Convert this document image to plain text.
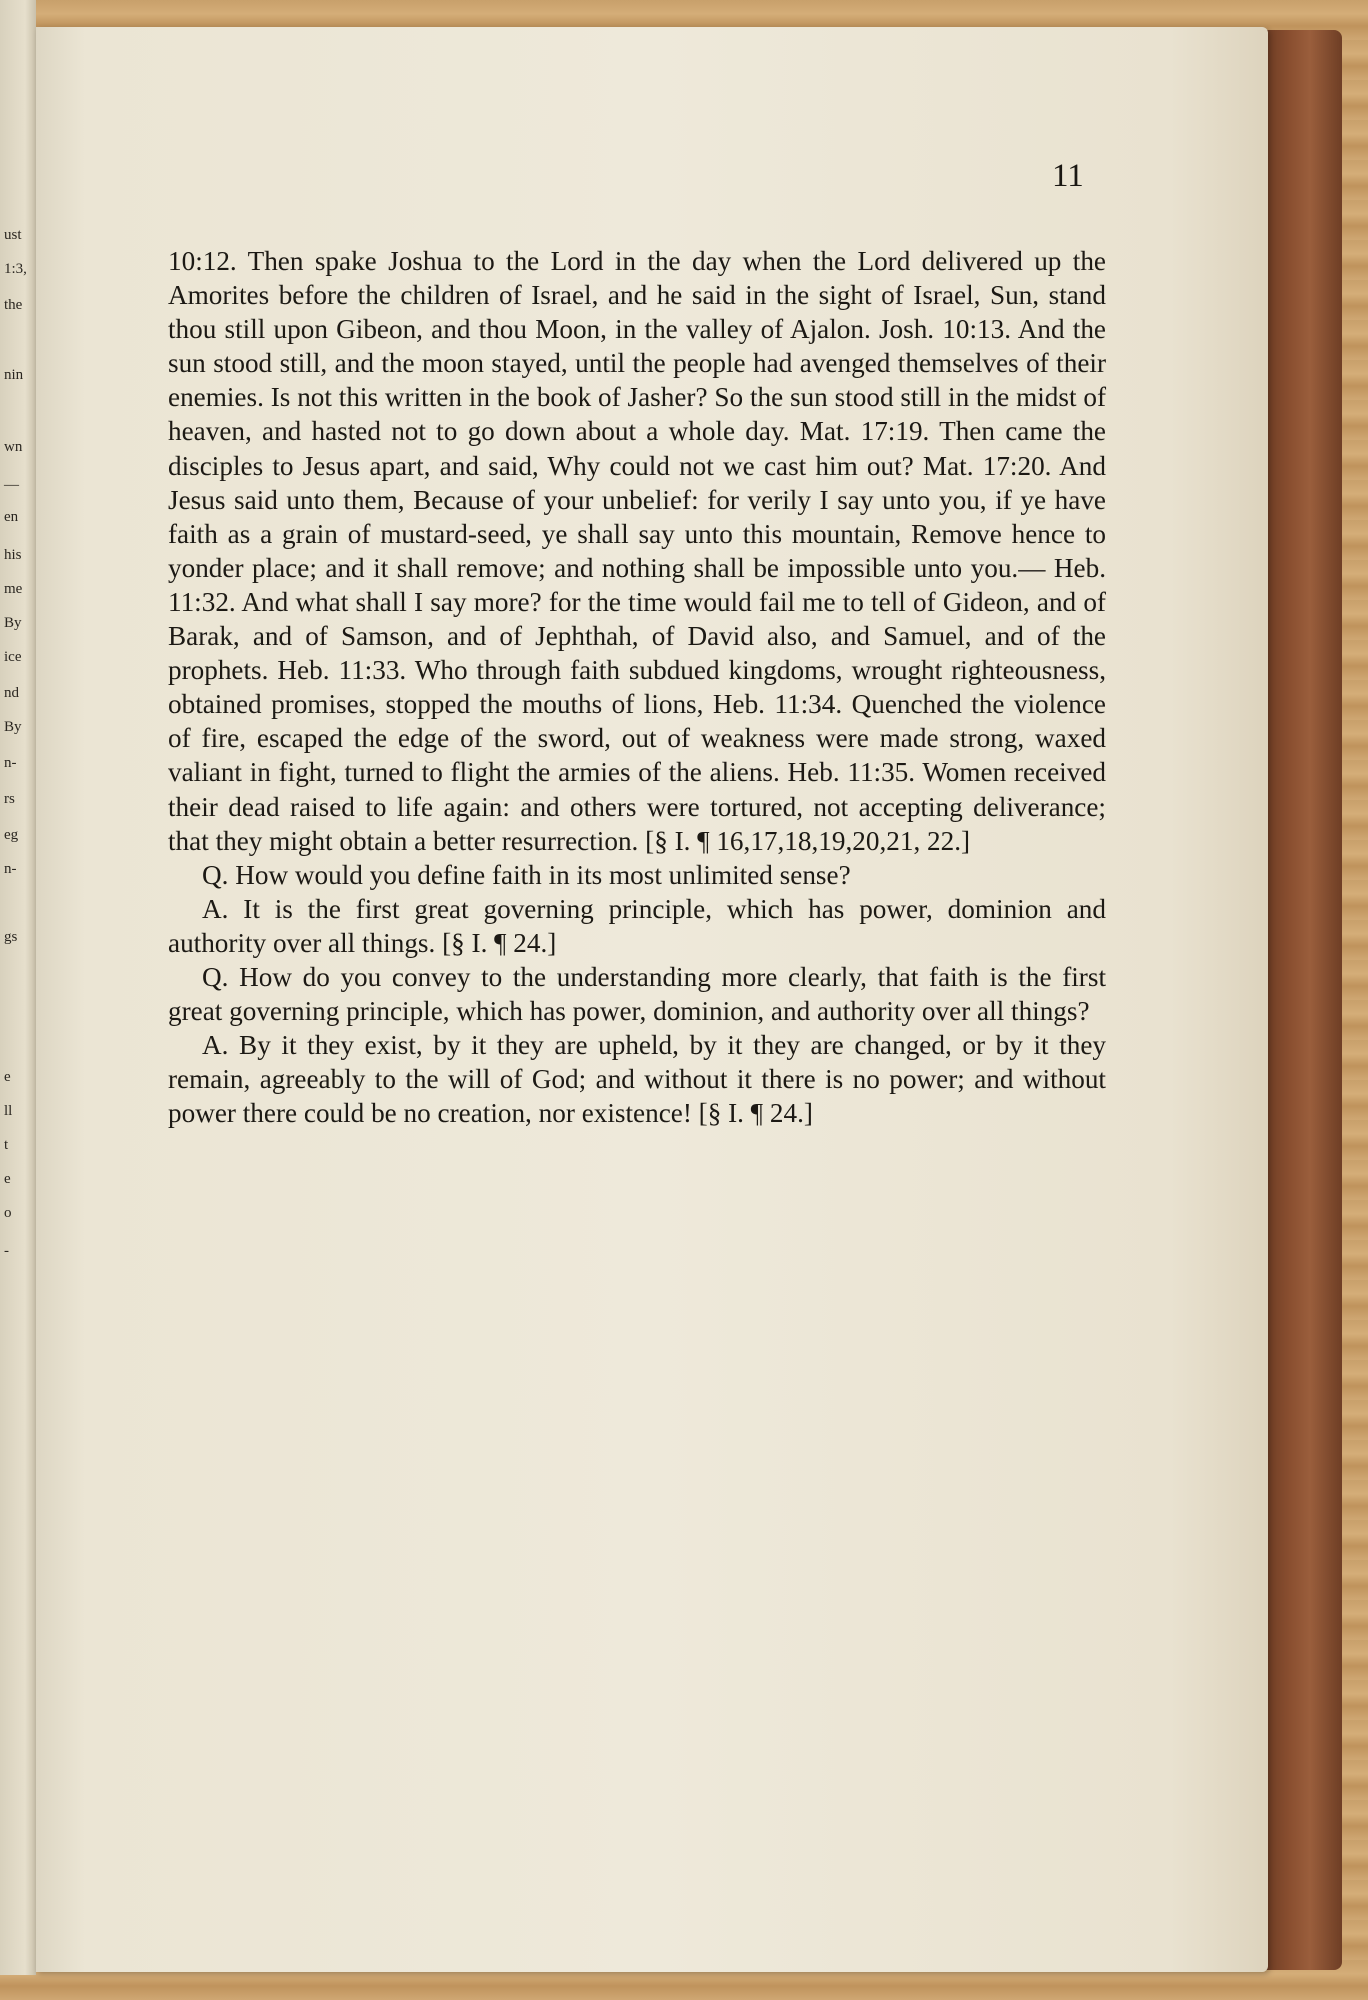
ust
1:3,
the
nin
wn
—
en
his
me
By
ice
nd
By
n-
rs
eg
n-
gs
e
ll
t
e
o
-
11

10:12. Then spake Joshua to the Lord in the day when the Lord delivered up the Amorites before the children of Israel, and he said in the sight of Israel, Sun, stand thou still upon Gibeon, and thou Moon, in the valley of Ajalon. Josh. 10:13. And the sun stood still, and the moon stayed, until the people had avenged themselves of their enemies. Is not this written in the book of Jasher? So the sun stood still in the midst of heaven, and hasted not to go down about a whole day. Mat. 17:19. Then came the disciples to Jesus apart, and said, Why could not we cast him out? Mat. 17:20. And Jesus said unto them, Because of your unbelief: for verily I say unto you, if ye have faith as a grain of mustard-seed, ye shall say unto this mountain, Remove hence to yonder place; and it shall remove; and nothing shall be impossible unto you.— Heb. 11:32. And what shall I say more? for the time would fail me to tell of Gideon, and of Barak, and of Samson, and of Jephthah, of David also, and Samuel, and of the prophets. Heb. 11:33. Who through faith subdued kingdoms, wrought righteousness, obtained promises, stopped the mouths of lions, Heb. 11:34. Quenched the violence of fire, escaped the edge of the sword, out of weakness were made strong, waxed valiant in fight, turned to flight the armies of the aliens. Heb. 11:35. Women received their dead raised to life again: and others were tortured, not accepting deliverance; that they might obtain a better resurrection. [§ I. ¶ 16,17,18,19,20,21, 22.]

Q. How would you define faith in its most unlimited sense?

A. It is the first great governing principle, which has power, dominion and authority over all things. [§ I. ¶ 24.]

Q. How do you convey to the understanding more clearly, that faith is the first great governing principle, which has power, dominion, and authority over all things?

A. By it they exist, by it they are upheld, by it they are changed, or by it they remain, agreeably to the will of God; and without it there is no power; and without power there could be no creation, nor existence! [§ I. ¶ 24.]
